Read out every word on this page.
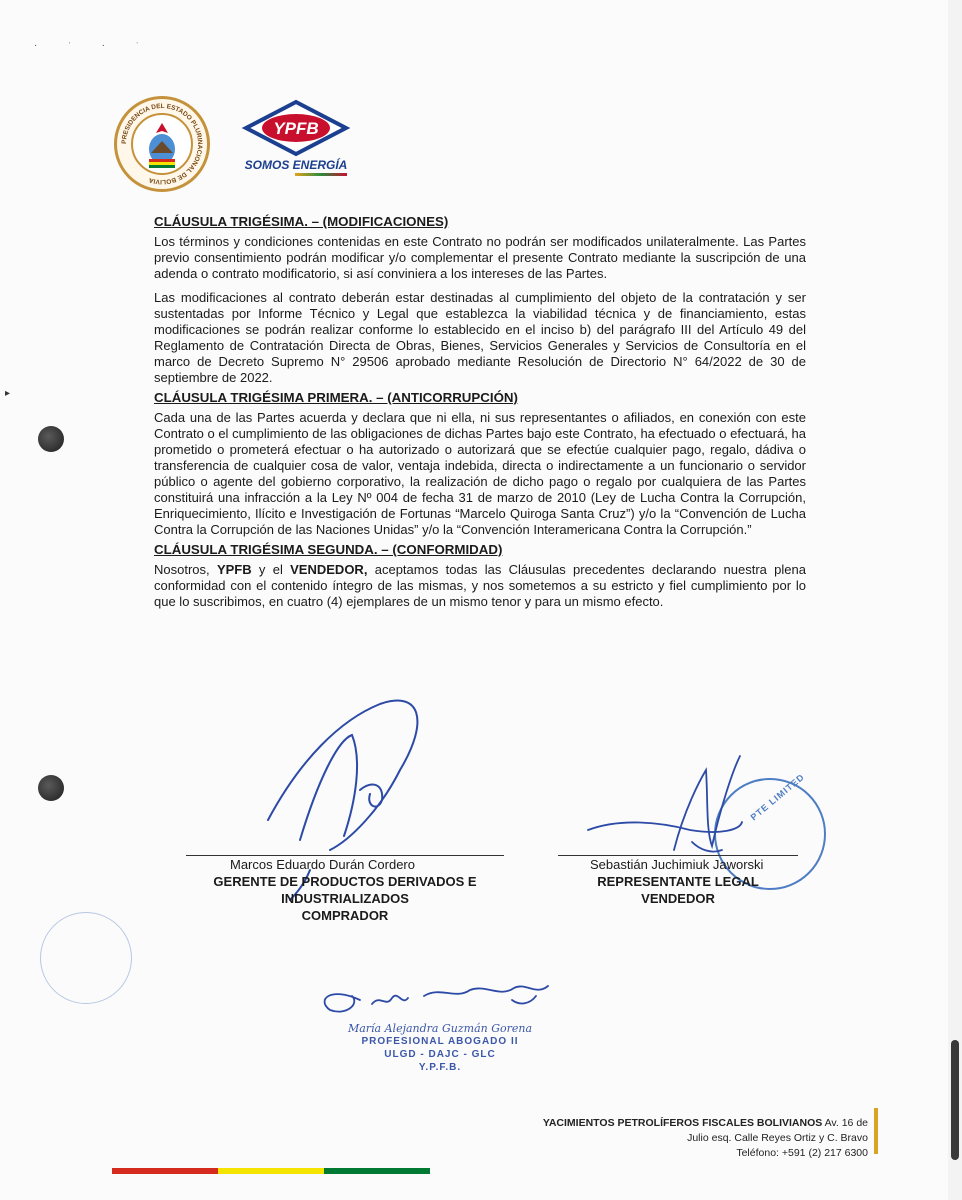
· ˑ · ˑ
▸
PRESIDENCIA DEL ESTADO PLURINACIONAL DE BOLIVIA
YPFB
SOMOS ENERGÍA
CLÁUSULA TRIGÉSIMA. – (MODIFICACIONES)

Los términos y condiciones contenidas en este Contrato no podrán ser modificados unilateralmente. Las Partes previo consentimiento podrán modificar y/o complementar el presente Contrato mediante la suscripción de una adenda o contrato modificatorio, si así conviniera a los intereses de las Partes.

Las modificaciones al contrato deberán estar destinadas al cumplimiento del objeto de la contratación y ser sustentadas por Informe Técnico y Legal que establezca la viabilidad técnica y de financiamiento, estas modificaciones se podrán realizar conforme lo establecido en el inciso b) del parágrafo III del Artículo 49 del Reglamento de Contratación Directa de Obras, Bienes, Servicios Generales y Servicios de Consultoría en el marco de Decreto Supremo N° 29506 aprobado mediante Resolución de Directorio N° 64/2022 de 30 de septiembre de 2022.

CLÁUSULA TRIGÉSIMA PRIMERA. – (ANTICORRUPCIÓN)

Cada una de las Partes acuerda y declara que ni ella, ni sus representantes o afiliados, en conexión con este Contrato o el cumplimiento de las obligaciones de dichas Partes bajo este Contrato, ha efectuado o efectuará, ha prometido o prometerá efectuar o ha autorizado o autorizará que se efectúe cualquier pago, regalo, dádiva o transferencia de cualquier cosa de valor, ventaja indebida, directa o indirectamente a un funcionario o servidor público o agente del gobierno corporativo, la realización de dicho pago o regalo por cualquiera de las Partes constituirá una infracción a la Ley Nº 004 de fecha 31 de marzo de 2010 (Ley de Lucha Contra la Corrupción, Enriquecimiento, Ilícito e Investigación de Fortunas “Marcelo Quiroga Santa Cruz”) y/o la “Convención de Lucha Contra la Corrupción de las Naciones Unidas” y/o la “Convención Interamericana Contra la Corrupción.”

CLÁUSULA TRIGÉSIMA SEGUNDA. – (CONFORMIDAD)

Nosotros, YPFB y el VENDEDOR, aceptamos todas las Cláusulas precedentes declarando nuestra plena conformidad con el contenido íntegro de las mismas, y nos sometemos a su estricto y fiel cumplimiento por lo que lo suscribimos, en cuatro (4) ejemplares de un mismo tenor y para un mismo efecto.

PTE LIMITED
Marcos Eduardo Durán Cordero
GERENTE DE PRODUCTOS DERIVADOS E
INDUSTRIALIZADOS
COMPRADOR
Sebastián Juchimiuk Jaworski
REPRESENTANTE LEGAL
VENDEDOR
María Alejandra Guzmán Gorena
PROFESIONAL ABOGADO II
ULGD - DAJC - GLC
Y.P.F.B.
YACIMIENTOS PETROLÍFEROS FISCALES BOLIVIANOS Av. 16 de
Julio esq. Calle Reyes Ortiz y C. Bravo
Teléfono: +591 (2) 217 6300
